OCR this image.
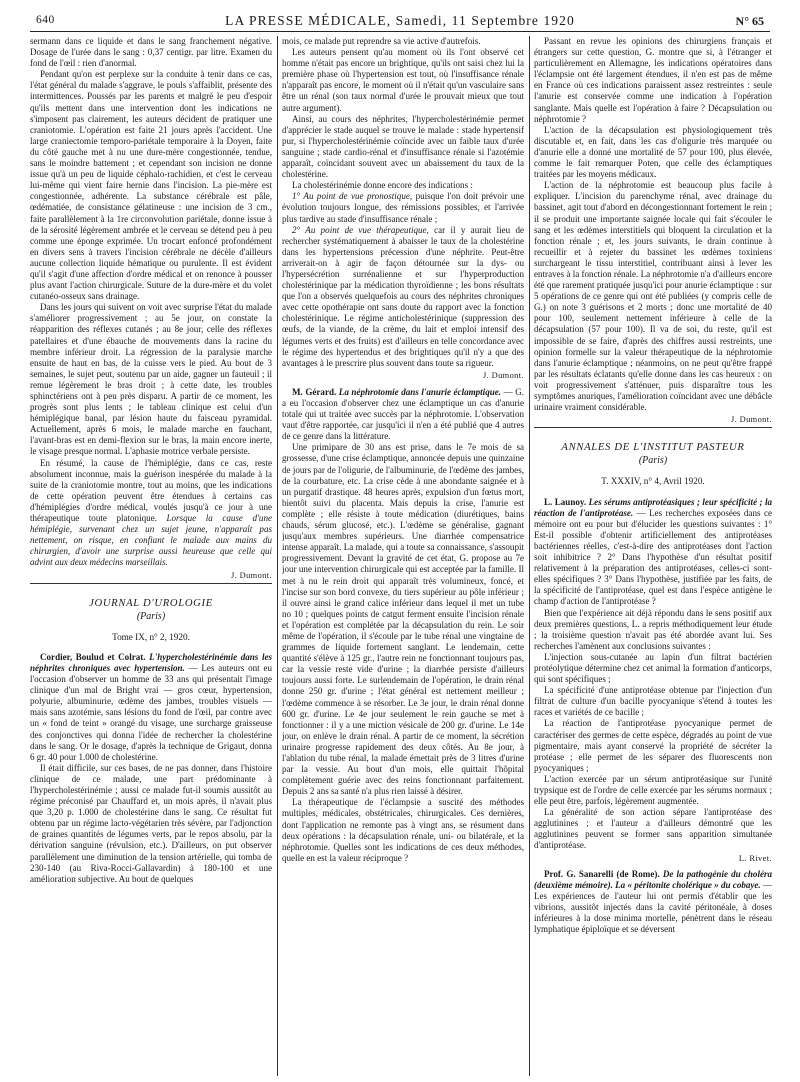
640	LA PRESSE MÉDICALE, Samedi, 11 Septembre 1920	N° 65

sermann dans ce liquide et dans le sang franchement négative. Dosage de l'urée dans le sang : 0,37 centigr. par litre. Examen du fond de l'œil : rien d'anormal.

Pendant qu'on est perplexe sur la conduite à tenir dans ce cas, l'état général du malade s'aggrave, le pouls s'affaiblit, présente des intermittences. Poussés par les parents et malgré le peu d'espoir qu'ils mettent dans une intervention dont les indications ne s'imposent pas clairement, les auteurs décident de pratiquer une craniotomie. L'opération est faite 21 jours après l'accident. Une large craniectomie temporo-pariétale temporaire à la Doyen, faite du côté gauche met à nu une dure-mère congestionnée, tendue, sans le moindre battement ; et cependant son incision ne donne issue qu'à un peu de liquide céphalo-rachidien, et c'est le cerveau lui-même qui vient faire hernie dans l'incision. La pie-mère est congestionnée, adhérente. La substance cérébrale est pâle, œdématiée, de consistance gélatineuse : une incision de 3 cm., faite parallèlement à la 1re circonvolution pariétale, donne issue à de la sérosité légèrement ambrée et le cerveau se détend peu à peu comme une éponge exprimée. Un trocart enfoncé profondément en divers sens à travers l'incision cérébrale ne décèle d'ailleurs aucune collection liquide hématique ou purulente. Il est évident qu'il s'agit d'une affection d'ordre médical et on renonce à pousser plus avant l'action chirurgicale. Suture de la dure-mère et du volet cutanéo-osseux sans drainage.

Dans les jours qui suivent on voit avec surprise l'état du malade s'améliorer progressivement ; au 5e jour, on constate la réapparition des réflexes cutanés ; au 8e jour, celle des réflexes patellaires et d'une ébauche de mouvements dans la racine du membre inférieur droit. La régression de la paralysie marche ensuite de haut en bas, de la cuisse vers le pied. Au bout de 3 semaines, le sujet peut, soutenu par un aide, gagner un fauteuil ; il remue légèrement le bras droit ; à cette date, les troubles sphinctériens ont à peu près disparu. A partir de ce moment, les progrès sont plus lents ; le tableau clinique est celui d'un hémiplégique banal, par lésion haute du faisceau pyramidal. Actuellement, après 6 mois, le malade marche en fauchant, l'avant-bras est en demi-flexion sur le bras, la main encore inerte, le visage presque normal. L'aphasie motrice verbale persiste.

En résumé, la cause de l'hémiplégie, dans ce cas, reste absolument inconnue, mais la guérison inespérée du malade à la suite de la craniotomie montre, tout au moins, que les indications de cette opération peuvent être étendues à certains cas d'hémiplégies d'ordre médical, voulés jusqu'à ce jour à une thérapeutique toute platonique. Lorsque la cause d'une hémiplégie, survenant chez un sujet jeune, n'apparaît pas nettement, on risque, en confiant le malade aux mains du chirurgien, d'avoir une surprise aussi heureuse que celle qui advint aux deux médecins marseillais.

J. Dumont.
JOURNAL D'UROLOGIE
(Paris)
Tome IX, n° 2, 1920.

Cordier, Boulud et Colrat. L'hypercholestérinémie dans les néphrites chroniques avec hypertension. — Les auteurs ont eu l'occasion d'observer un homme de 33 ans qui présentait l'image clinique d'un mal de Bright vrai — gros cœur, hypertension, polyurie, albuminurie, œdème des jambes, troubles visuels — mais sans azotémie, sans lésions du fond de l'œil, par contre avec un « fond de teint » orangé du visage, une surcharge graisseuse des conjonctives qui donna l'idée de rechercher la cholestérine dans le sang. Or le dosage, d'après la technique de Grigaut, donna 6 gr. 40 pour 1.000 de cholestérine.

Il était difficile, sur ces bases, de ne pas donner, dans l'histoire clinique de ce malade, une part prédominante à l'hypercholestérinémie ; aussi ce malade fut-il soumis aussitôt au régime préconisé par Chauffard et, un mois après, il n'avait plus que 3,20 p. 1.000 de cholestérine dans le sang. Ce résultat fut obtenu par un régime lacto-végétarien très sévère, par l'adjonction de graines quantités de légumes verts, par le repos absolu, par la dérivation sanguine (révulsion, etc.). D'ailleurs, on put observer parallèlement une diminution de la tension artérielle, qui tomba de 230-140 (au Riva-Rocci-Gallavardin) à 180-100 et une amélioration subjective. Au bout de quelques

mois, ce malade put reprendre sa vie active d'autrefois.

Les auteurs pensent qu'au moment où ils l'ont observé cet homme n'était pas encore un brightique, qu'ils ont saisi chez lui la première phase où l'hypertension est tout, où l'insuffisance rénale n'apparaît pas encore, le moment où il n'était qu'un vasculaire sans être un rénal (son taux normal d'urée le prouvait mieux que tout autre argument).

Ainsi, au cours des néphrites, l'hypercholestérinémie permet d'apprécier le stade auquel se trouve le malade : stade hypertensif pur, si l'hypercholestérinémie coïncide avec un faible taux d'urée sanguine ; stade cardio-rénal et d'insuffisance rénale si l'azotémie apparaît, coïncidant souvent avec un abaissement du taux de la cholestérine.

La cholestérinémie donne encore des indications :

1° Au point de vue pronostique, puisque l'on doit prévoir une évolution toujours longue, des rémissions possibles, et l'arrivée plus tardive au stade d'insuffisance rénale ;

2° Au point de vue thérapeutique, car il y aurait lieu de rechercher systématiquement à abaisser le taux de la cholestérine dans les hypertensions précession d'une néphrite. Peut-être arriverait-on à agir de façon détournée sur la dys- ou l'hypersécrétion surrénalienne et sur l'hyperproduction cholestérinique par la médication thyroïdienne ; les bons résultats que l'on a observés quelquefois au cours des néphrites chroniques avec cette opothérapie ont sans doute du rapport avec la fonction cholestérinique. Le régime anticholestérinique (suppression des œufs, de la viande, de la crème, du lait et emploi intensif des légumes verts et des fruits) est d'ailleurs en telle concordance avec le régime des hypertendus et des brightiques qu'il n'y a que des avantages à le prescrire plus souvent dans toute sa rigueur.

J. Dumont.

M. Gérard. La néphrotomie dans l'anurie éclamptique. — G. a eu l'occasion d'observer chez une éclamptique un cas d'anurie totale qui ut traitée avec succès par la néphrotomie. L'observation vaut d'être rapportée, car jusqu'ici il n'en a été publié que 4 autres de ce genre dans la littérature.

Une primipare de 30 ans est prise, dans le 7e mois de sa grossesse, d'une crise éclamptique, annoncée depuis une quinzaine de jours par de l'oligurie, de l'albuminurie, de l'œdème des jambes, de la courbature, etc. La crise cède à une abondante saignée et à un purgatif drastique. 48 heures après, expulsion d'un fœtus mort, bientôt suivi du placenta. Mais depuis la crise, l'anurie est complète ; elle résiste à toute médication (diurétiques, bains chauds, sérum glucosé, etc.). L'œdème se généralise, gagnant jusqu'aux membres supérieurs. Une diarrhée compensatrice intense apparaît. La malade, qui a toute sa connaissance, s'assoupit progressivement. Devant la gravité de cet état, G. propose au 7e jour une intervention chirurgicale qui est acceptée par la famille. Il met à nu le rein droit qui apparaît très volumineux, foncé, et l'incise sur son bord convexe, du tiers supérieur au pôle inférieur ; il ouvre ainsi le grand calice inférieur dans lequel il met un tube no 10 ; quelques points de catgut ferment ensuite l'incision rénale et l'opération est complétée par la décapsulation du rein. Le soir même de l'opération, il s'écoule par le tube rénal une vingtaine de grammes de liquide fortement sanglant. Le lendemain, cette quantité s'élève à 125 gr., l'autre rein ne fonctionnant toujours pas, car la vessie reste vide d'urine ; la diarrhée persiste d'ailleurs toujours aussi forte. Le surlendemain de l'opération, le drain rénal donne 250 gr. d'urine ; l'état général est nettement meilleur ; l'œdème commence à se résorber. Le 3e jour, le drain rénal donne 600 gr. d'urine. Le 4e jour seulement le rein gauche se met à fonctionner : il y a une miction vésicale de 200 gr. d'urine. Le 14e jour, on enlève le drain rénal. A partir de ce moment, la sécrétion urinaire progresse rapidement des deux côtés. Au 8e jour, à l'ablation du tube rénal, la malade émettait près de 3 litres d'urine par la vessie. Au bout d'un mois, elle quittait l'hôpital complètement guérie avec des reins fonctionnant parfaitement. Depuis 2 ans sa santé n'a plus rien laissé à désirer.

La thérapeutique de l'éclampsie a suscité des méthodes multiples, médicales, obstétricales, chirurgicales. Ces dernières, dont l'application ne remonte pas à vingt ans, se résument dans deux opérations : la décapsulation rénale, uni- ou bilatérale, et la néphrotomie. Quelles sont les indications de ces deux méthodes, quelle en est la valeur réciproque ?

Passant en revue les opinions des chirurgiens français et étrangers sur cette question, G. montre que si, à l'étranger et particulièrement en Allemagne, les indications opératoires dans l'éclampsie ont été largement étendues, il n'en est pas de même en France où ces indications paraissent assez restreintes : seule l'anurie est conservée comme une indication à l'opération sanglante. Mais quelle est l'opération à faire ? Décapsulation ou néphrotomie ?

L'action de la décapsulation est physiologiquement très discutable et, en fait, dans les cas d'oligurie très marquée ou d'anurie elle a donné une mortalité de 57 pour 100, plus élevée, comme le fait remarquer Poten, que celle des éclamptiques traitées par les moyens médicaux.

L'action de la néphrotomie est beaucoup plus facile à expliquer. L'incision du parenchyme rénal, avec drainage du bassinet, agit tout d'abord en décongestionnant fortement le rein ; il se produit une importante saignée locale qui fait s'écouler le sang et les œdèmes interstitiels qui bloquent la circulation et la fonction rénale ; et, les jours suivants, le drain continue à recueillir et à rejeter du bassinet les œdèmes toxiniens surchargeant le tissu interstitiel, contribuant ainsi à lever les entraves à la fonction rénale. La néphrotomie n'a d'ailleurs encore été que rarement pratiquée jusqu'ici pour anurie éclamptique : sur 5 opérations de ce genre qui ont été publiées (y compris celle de G.) on note 3 guérisons et 2 morts ; donc une mortalité de 40 pour 100, seulement nettement inférieure à celle de la décapsulation (57 pour 100). Il va de soi, du reste, qu'il est impossible de se faire, d'après des chiffres aussi restreints, une opinion formelle sur la valeur thérapeutique de la néphrotomie dans l'anurie éclamptique ; néanmoins, on ne peut qu'être frappé par les résultats éclatants qu'elle donne dans les cas heureux : on voit progressivement s'atténuer, puis disparaître tous les symptômes anuriques, l'amélioration coïncidant avec une débâcle urinaire vraiment considérable.

J. Dumont.
ANNALES DE L'INSTITUT PASTEUR
(Paris)
T. XXXIV, n° 4, Avril 1920.

L. Launoy. Les sérums antiprotéasiques ; leur spécificité ; la réaction de l'antiprotéase. — Les recherches exposées dans ce mémoire ont eu pour but d'élucider les questions suivantes : 1° Est-il possible d'obtenir artificiellement des antiprotéases bactériennes réelles, c'est-à-dire des antiprotéases dont l'action soit inhibitrice ? 2° Dans l'hypothèse d'un résultat positif relativement à la préparation des antiprotéases, celles-ci sont-elles spécifiques ? 3° Dans l'hypothèse, justifiée par les faits, de la spécificité de l'antiprotéase, quel est dans l'espèce antigène le champ d'action de l'antiprotéase ?

Bien que l'expérience ait déjà répondu dans le sens positif aux deux premières questions, L. a repris méthodiquement leur étude ; la troisième question n'avait pas été abordée avant lui. Ses recherches l'amènent aux conclusions suivantes :

L'injection sous-cutanée au lapin d'un filtrat bactérien protéolytique détermine chez cet animal la formation d'anticorps, qui sont spécifiques ;

La spécificité d'une antiprotéase obtenue par l'injection d'un filtrat de culture d'un bacille pyocyanique s'étend à toutes les races et variétés de ce bacille ;

La réaction de l'antiprotéase pyocyanique permet de caractériser des germes de cette espèce, dégradés au point de vue pigmentaire, mais ayant conservé la propriété de sécréter la protéase ; elle permet de les séparer des fluorescents non pyocyaniques ;

L'action exercée par un sérum antiprotéasique sur l'unité trypsique est de l'ordre de celle exercée par les sérums normaux ; elle peut être, parfois, légèrement augmentée.

La généralité de son action sépare l'antiprotéase des agglutinines ; et l'auteur a d'ailleurs démontré que les agglutinines peuvent se former sans apparition simultanée d'antiprotéase.

L. Rivet.

Prof. G. Sanarelli (de Rome). De la pathogénie du choléra (deuxième mémoire). La « péritonite cholérique » du cobaye. — Les expériences de l'auteur lui ont permis d'établir que les vibrions, aussitôt injectés dans la cavité péritonéale, à doses inférieures à la dose minima mortelle, pénètrent dans le réseau lymphatique épiploïque et se déversent
